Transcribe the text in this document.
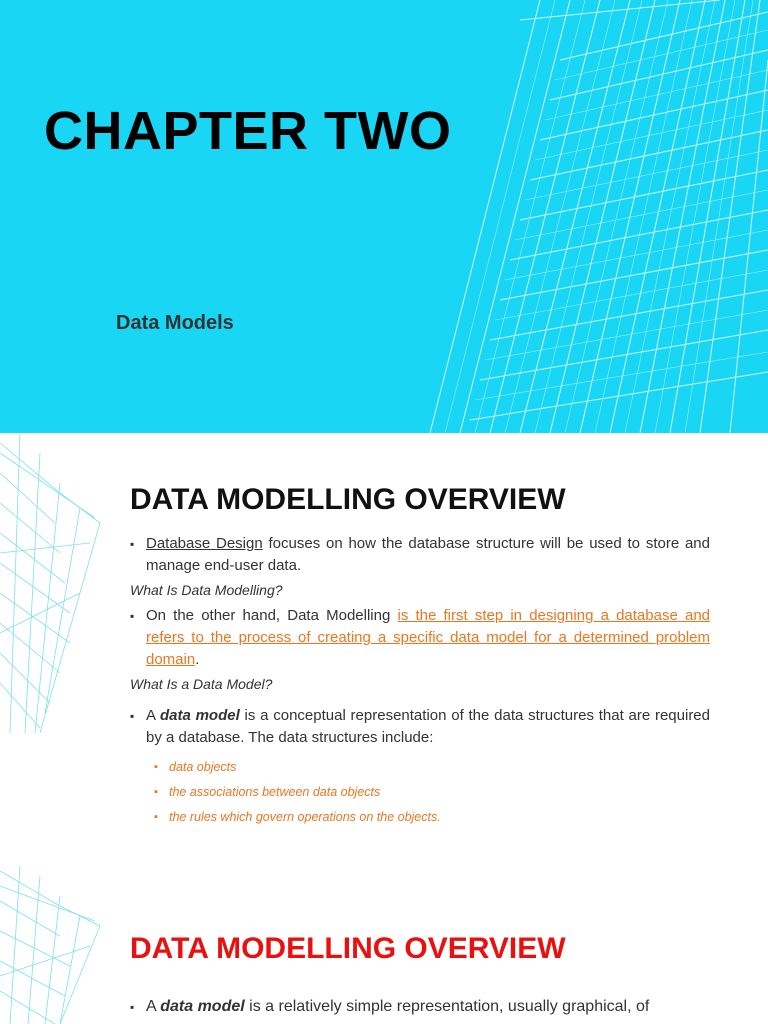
CHAPTER TWO
Data Models
DATA MODELLING OVERVIEW
▪ Database Design focuses on how the database structure will be used to store and manage end-user data.
What Is Data Modelling?
▪ On the other hand, Data Modelling is the first step in designing a database and refers to the process of creating a specific data model for a determined problem domain.
What Is a Data Model?
▪ A data model is a conceptual representation of the data structures that are required by a database. The data structures include:
▪ data objects
▪ the associations between data objects
▪ the rules which govern operations on the objects.
DATA MODELLING OVERVIEW
▪ A data model is a relatively simple representation, usually graphical, of
